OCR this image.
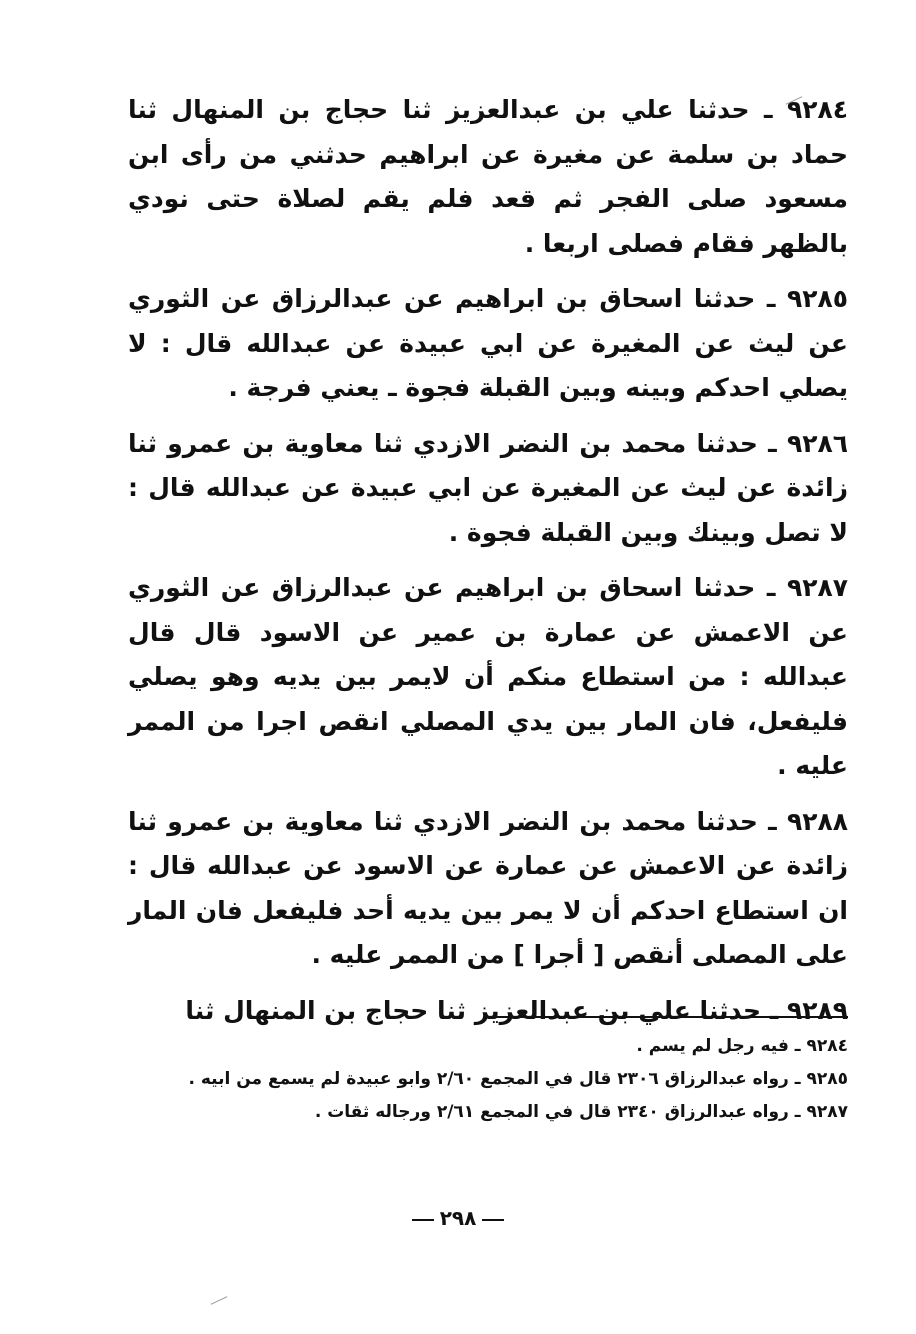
٩٢٨٤ ـ حدثنا علي بن عبدالعزيز ثنا حجاج بن المنهال ثنا حماد بن سلمة عن مغيرة عن ابراهيم حدثني من رأى ابن مسعود صلى الفجر ثم قعد فلم يقم لصلاة حتى نودي بالظهر فقام فصلى اربعا .

٩٢٨٥ ـ حدثنا اسحاق بن ابراهيم عن عبدالرزاق عن الثوري عن ليث عن المغيرة عن ابي عبيدة عن عبدالله قال : لا يصلي احدكم وبينه وبين القبلة فجوة ـ يعني فرجة .

٩٢٨٦ ـ حدثنا محمد بن النضر الازدي ثنا معاوية بن عمرو ثنا زائدة عن ليث عن المغيرة عن ابي عبيدة عن عبدالله قال : لا تصل وبينك وبين القبلة فجوة .

٩٢٨٧ ـ حدثنا اسحاق بن ابراهيم عن عبدالرزاق عن الثوري عن الاعمش عن عمارة بن عمير عن الاسود قال قال عبدالله : من استطاع منكم أن لايمر بين يديه وهو يصلي فليفعل، فان المار بين يدي المصلي انقص اجرا من الممر عليه .

٩٢٨٨ ـ حدثنا محمد بن النضر الازدي ثنا معاوية بن عمرو ثنا زائدة عن الاعمش عن عمارة عن الاسود عن عبدالله قال : ان استطاع احدكم أن لا يمر بين يديه أحد فليفعل فان المار على المصلى أنقص [ أجرا ] من الممر عليه .

٩٢٨٩ ـ حدثنا علي بن عبدالعزيز ثنا حجاج بن المنهال ثنا

٩٢٨٤ ـ فيه رجل لم يسم .

٩٢٨٥ ـ رواه عبدالرزاق ٢٣٠٦ قال في المجمع ٢/٦٠ وابو عبيدة لم يسمع من ابيه .

٩٢٨٧ ـ رواه عبدالرزاق ٢٣٤٠ قال في المجمع ٢/٦١ ورجاله ثقات .

٢٩٨
